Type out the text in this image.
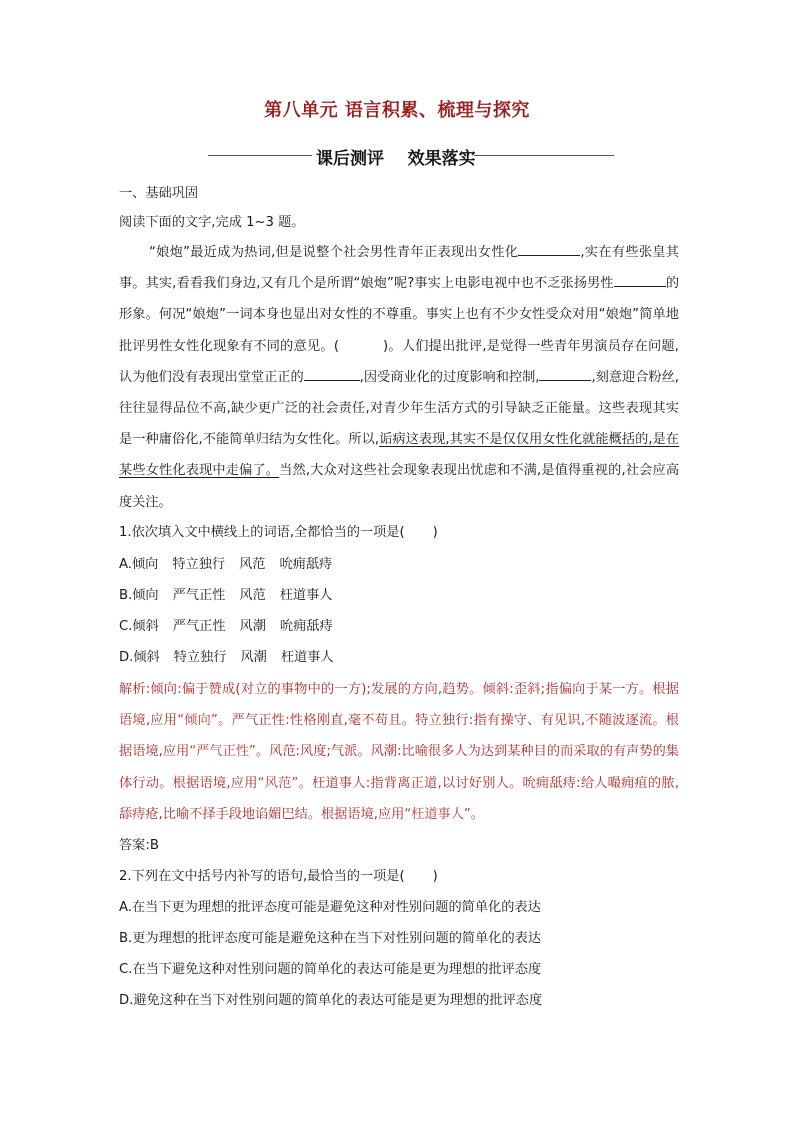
第八单元 语言积累、梳理与探究
课后测评    效果落实
一、基础巩固
阅读下面的文字,完成 1~3 题。
“娘炮”最近成为热词,但是说整个社会男性青年正表现出女性化	,实在有些张皇其事。其实,看看我们身边,又有几个是所谓“娘炮”呢?事实上电影电视中也不乏张扬男性	的形象。何况“娘炮”一词本身也显出对女性的不尊重。事实上也有不少女性受众对用“娘炮”简单地批评男性女性化现象有不同的意见。(	)。人们提出批评,是觉得一些青年男演员存在问题,认为他们没有表现出堂堂正正的	,因受商业化的过度影响和控制,	,刻意迎合粉丝,往往显得品位不高,缺少更广泛的社会责任,对青少年生活方式的引导缺乏正能量。这些表现其实是一种庸俗化,不能简单归结为女性化。所以,诟病这表现,其实不是仅仅用女性化就能概括的,是在某些女性化表现中走偏了。当然,大众对这些社会现象表现出忧虑和不满,是值得重视的,社会应高度关注。
1.依次填入文中横线上的词语,全都恰当的一项是( )
A.倾向 特立独行 风范 吮痈舐痔
B.倾向 严气正性 风范 枉道事人
C.倾斜 严气正性 风潮 吮痈舐痔
D.倾斜 特立独行 风潮 枉道事人
解析:倾向:偏于赞成(对立的事物中的一方);发展的方向,趋势。倾斜:歪斜;指偏向于某一方。根据语境,应用“倾向”。严气正性:性格刚直,毫不苟且。特立独行:指有操守、有见识,不随波逐流。根据语境,应用“严气正性”。风范:风度;气派。风潮:比喻很多人为达到某种目的而采取的有声势的集体行动。根据语境,应用“风范”。枉道事人:指背离正道,以讨好别人。吮痈舐痔:给人嘬痈疽的脓,舔痔疮,比喻不择手段地谄媚巴结。根据语境,应用“枉道事人”。
答案:B
2.下列在文中括号内补写的语句,最恰当的一项是( )
A.在当下更为理想的批评态度可能是避免这种对性别问题的简单化的表达
B.更为理想的批评态度可能是避免这种在当下对性别问题的简单化的表达
C.在当下避免这种对性别问题的简单化的表达可能是更为理想的批评态度
D.避免这种在当下对性别问题的简单化的表达可能是更为理想的批评态度
